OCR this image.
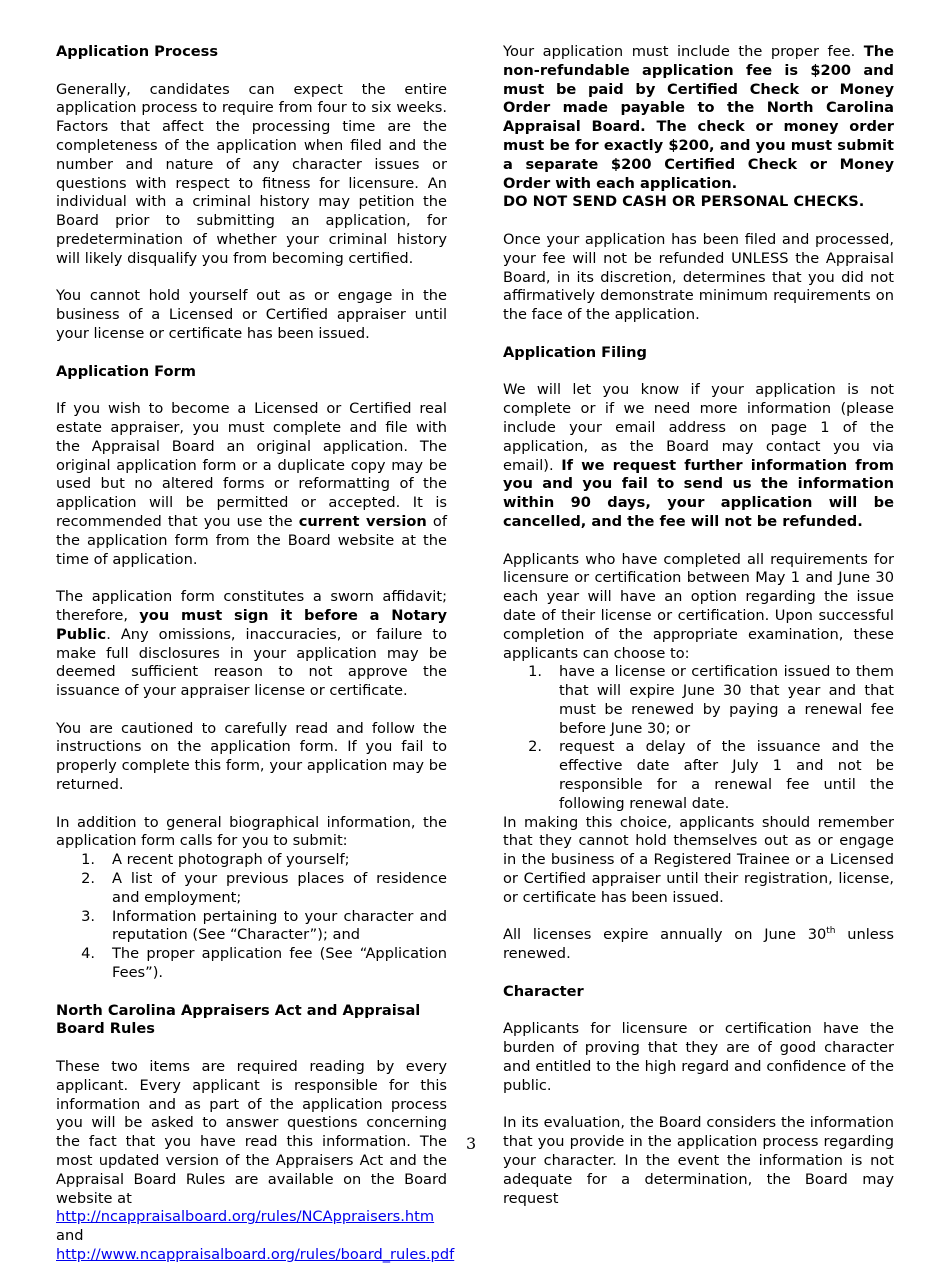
Application Process

Generally, candidates can expect the entire application process to require from four to six weeks. Factors that affect the processing time are the completeness of the application when filed and the number and nature of any character issues or questions with respect to fitness for licensure. An individual with a criminal history may petition the Board prior to submitting an application, for predetermination of whether your criminal history will likely disqualify you from becoming certified.

You cannot hold yourself out as or engage in the business of a Licensed or Certified appraiser until your license or certificate has been issued.

Application Form

If you wish to become a Licensed or Certified real estate appraiser, you must complete and file with the Appraisal Board an original application. The original application form or a duplicate copy may be used but no altered forms or reformatting of the application will be permitted or accepted. It is recommended that you use the current version of the application form from the Board website at the time of application.

The application form constitutes a sworn affidavit; therefore, you must sign it before a Notary Public. Any omissions, inaccuracies, or failure to make full disclosures in your application may be deemed sufficient reason to not approve the issuance of your appraiser license or certificate.

You are cautioned to carefully read and follow the instructions on the application form. If you fail to properly complete this form, your application may be returned.

In addition to general biographical information, the application form calls for you to submit:

1. A recent photograph of yourself;
2. A list of your previous places of residence and employment;
3. Information pertaining to your character and reputation (See “Character”); and
4. The proper application fee (See “Application Fees”).
North Carolina Appraisers Act and Appraisal Board Rules

These two items are required reading by every applicant. Every applicant is responsible for this information and as part of the application process you will be asked to answer questions concerning the fact that you have read this information. The most updated version of the Appraisers Act and the Appraisal Board Rules are available on the Board website at

http://ncappraisalboard.org/rules/NCAppraisers.htm
and
http://www.ncappraisalboard.org/rules/board_rules.pdf

Your application must include the proper fee. The non-refundable application fee is $200 and must be paid by Certified Check or Money Order made payable to the North Carolina Appraisal Board. The check or money order must be for exactly $200, and you must submit a separate $200 Certified Check or Money Order with each application.

DO NOT SEND CASH OR PERSONAL CHECKS.

Once your application has been filed and processed, your fee will not be refunded UNLESS the Appraisal Board, in its discretion, determines that you did not affirmatively demonstrate minimum requirements on the face of the application.

Application Filing

We will let you know if your application is not complete or if we need more information (please include your email address on page 1 of the application, as the Board may contact you via email). If we request further information from you and you fail to send us the information within 90 days, your application will be cancelled, and the fee will not be refunded.

Applicants who have completed all requirements for licensure or certification between May 1 and June 30 each year will have an option regarding the issue date of their license or certification. Upon successful completion of the appropriate examination, these applicants can choose to:

1. have a license or certification issued to them that will expire June 30 that year and that must be renewed by paying a renewal fee before June 30; or
2. request a delay of the issuance and the effective date after July 1 and not be responsible for a renewal fee until the following renewal date.

In making this choice, applicants should remember that they cannot hold themselves out as or engage in the business of a Registered Trainee or a Licensed or Certified appraiser until their registration, license, or certificate has been issued.

All licenses expire annually on June 30th unless renewed.

Character

Applicants for licensure or certification have the burden of proving that they are of good character and entitled to the high regard and confidence of the public.

In its evaluation, the Board considers the information that you provide in the application process regarding your character. In the event the information is not adequate for a determination, the Board may request

3
